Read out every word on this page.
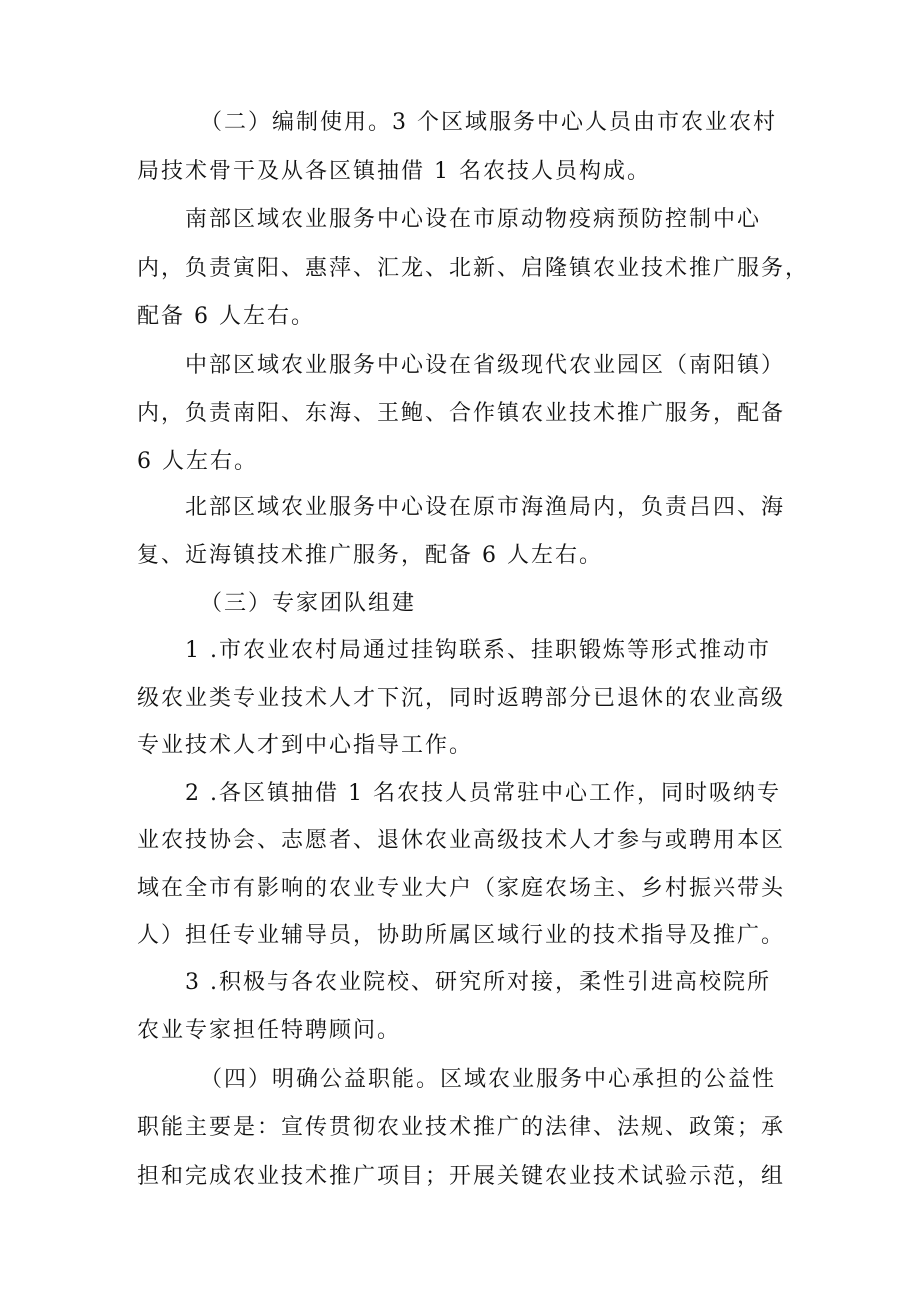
（二）编制使用。3 个区域服务中心人员由市农业农村
局技术骨干及从各区镇抽借 1 名农技人员构成。
南部区域农业服务中心设在市原动物疫病预防控制中心
内，负责寅阳、惠萍、汇龙、北新、启隆镇农业技术推广服务，
配备 6 人左右。
中部区域农业服务中心设在省级现代农业园区（南阳镇）
内，负责南阳、东海、王鲍、合作镇农业技术推广服务，配备
6 人左右。
北部区域农业服务中心设在原市海渔局内，负责吕四、海
复、近海镇技术推广服务，配备 6 人左右。
（三）专家团队组建
1 .市农业农村局通过挂钩联系、挂职锻炼等形式推动市
级农业类专业技术人才下沉，同时返聘部分已退休的农业高级
专业技术人才到中心指导工作。
2 .各区镇抽借 1 名农技人员常驻中心工作，同时吸纳专
业农技协会、志愿者、退休农业高级技术人才参与或聘用本区
域在全市有影响的农业专业大户（家庭农场主、乡村振兴带头
人）担任专业辅导员，协助所属区域行业的技术指导及推广。
3 .积极与各农业院校、研究所对接，柔性引进高校院所
农业专家担任特聘顾问。
（四）明确公益职能。区域农业服务中心承担的公益性
职能主要是：宣传贯彻农业技术推广的法律、法规、政策；承
担和完成农业技术推广项目；开展关键农业技术试验示范，组
